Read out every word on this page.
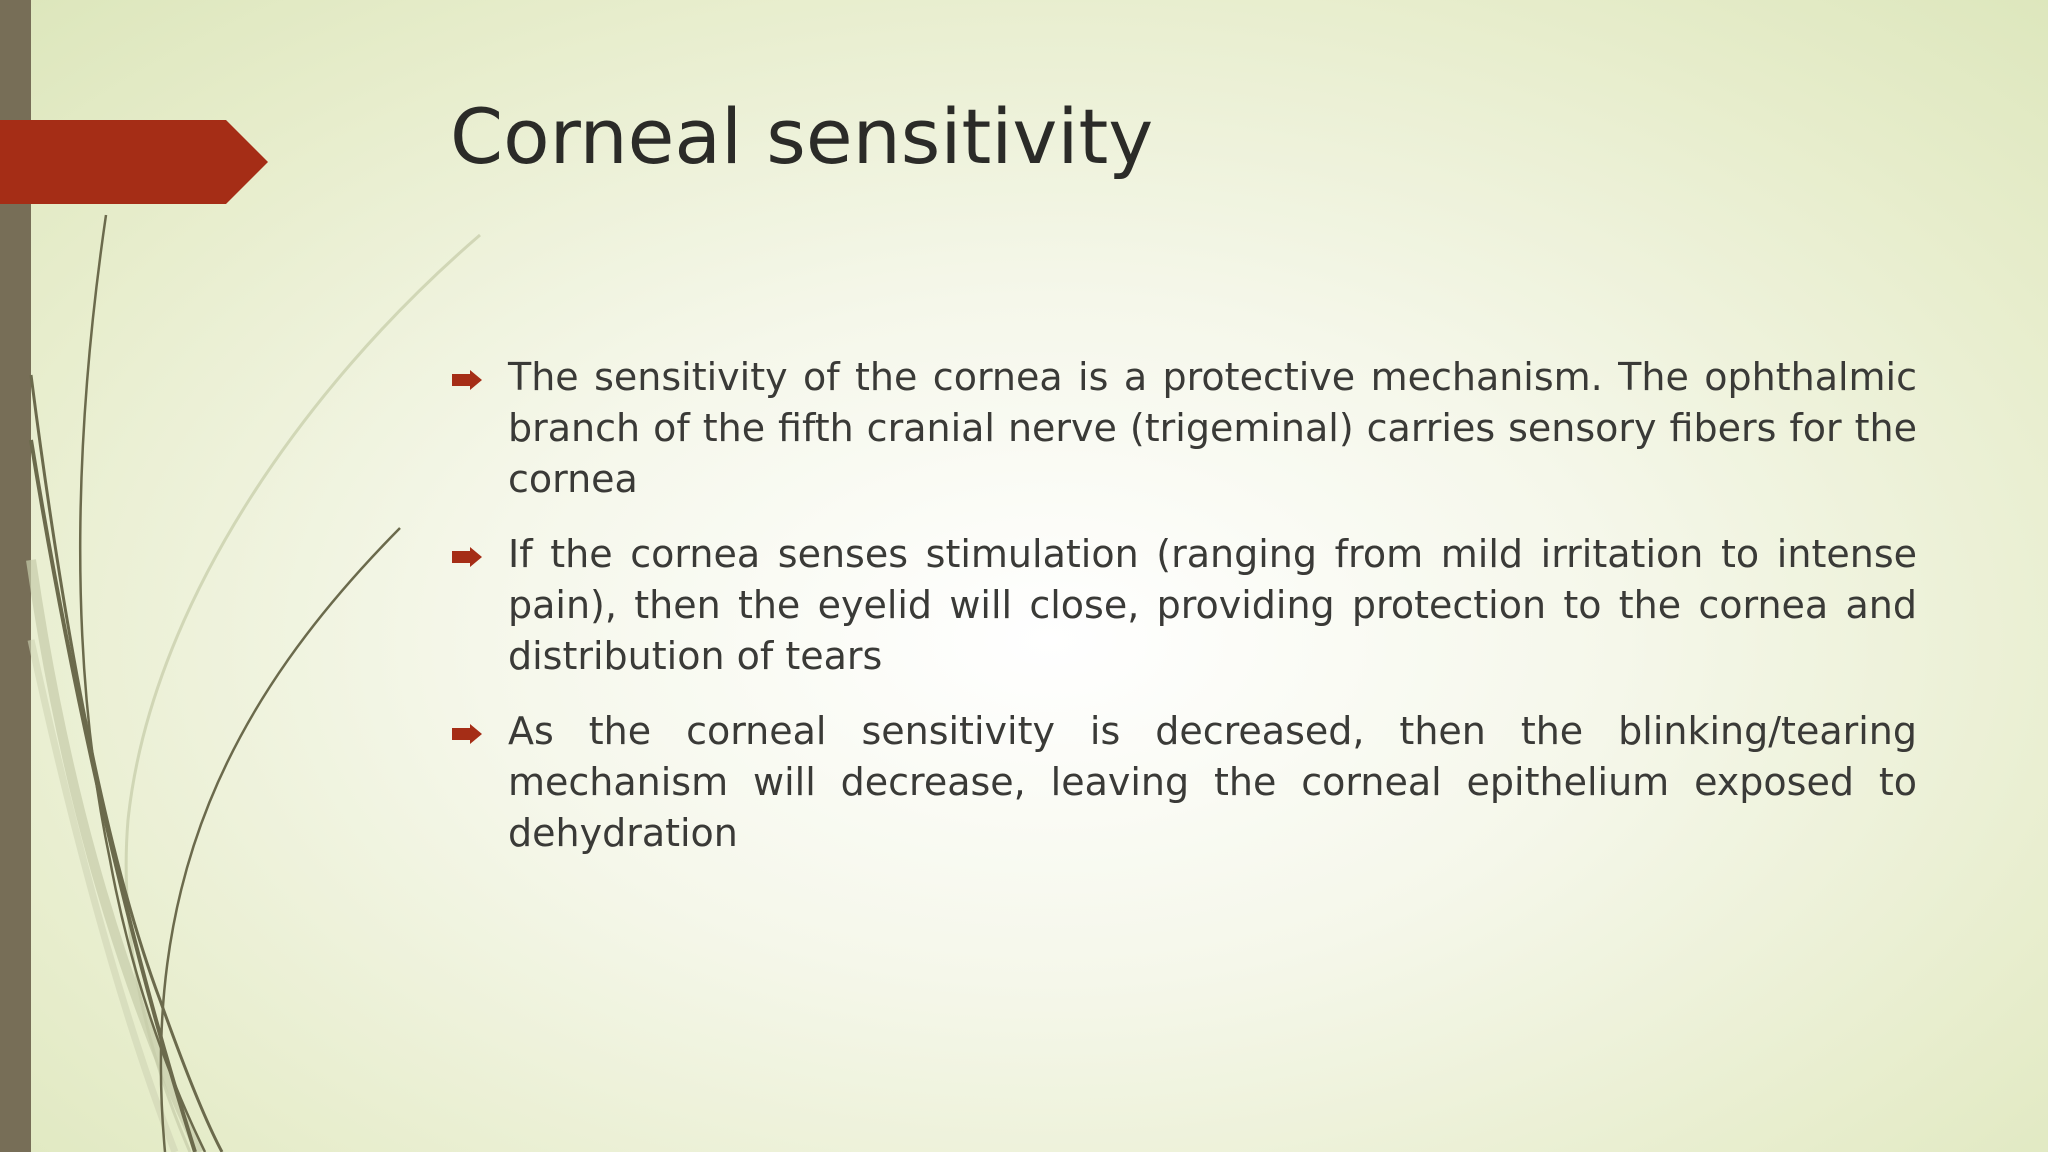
Corneal sensitivity
The sensitivity of the cornea is a protective mechanism. The ophthalmic branch of the fifth cranial nerve (trigeminal) carries sensory fibers for the cornea
If the cornea senses stimulation (ranging from mild irritation to intense pain), then the eyelid will close, providing protection to the cornea and distribution of tears
As the corneal sensitivity is decreased, then the blinking/tearing mechanism will decrease, leaving the corneal epithelium exposed to dehydration
